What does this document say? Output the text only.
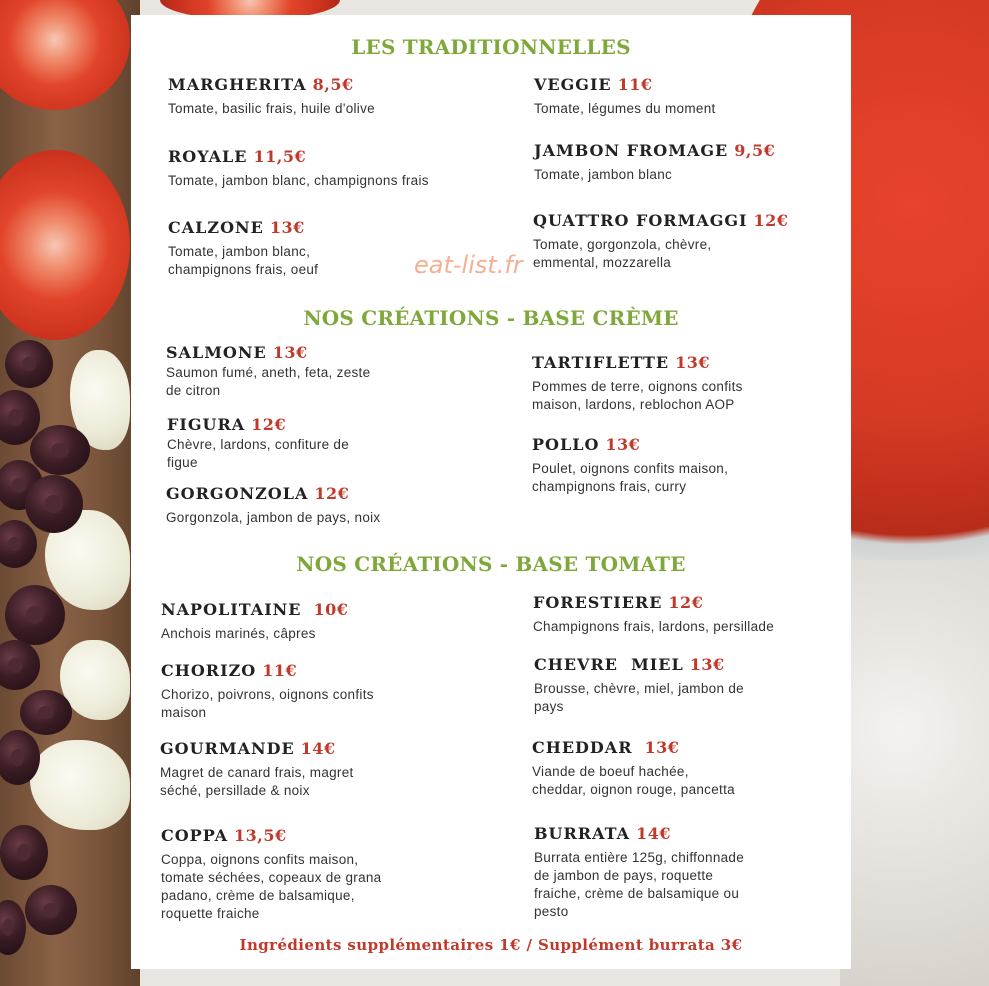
LES TRADITIONNELLES
MARGHERITA 8,5€
Tomate, basilic frais, huile d'olive
VEGGIE 11€
Tomate, légumes du moment
ROYALE 11,5€
Tomate, jambon blanc, champignons frais
JAMBON FROMAGE 9,5€
Tomate, jambon blanc
CALZONE 13€
Tomate, jambon blanc,
champignons frais, oeuf
QUATTRO FORMAGGI 12€
Tomate, gorgonzola, chèvre,
emmental, mozzarella
NOS CRÉATIONS - BASE CRÈME
SALMONE 13€
Saumon fumé, aneth, feta, zeste
de citron
TARTIFLETTE 13€
Pommes de terre, oignons confits
maison, lardons, reblochon AOP
FIGURA 12€
Chèvre, lardons, confiture de
figue
POLLO 13€
Poulet, oignons confits maison,
champignons frais, curry
GORGONZOLA 12€
Gorgonzola, jambon de pays, noix
NOS CRÉATIONS - BASE TOMATE
NAPOLITAINE 10€
Anchois marinés, câpres
FORESTIERE 12€
Champignons frais, lardons, persillade
CHORIZO 11€
Chorizo, poivrons, oignons confits
maison
CHEVRE  MIEL 13€
Brousse, chèvre, miel, jambon de
pays
GOURMANDE 14€
Magret de canard frais, magret
séché, persillade & noix
CHEDDAR 13€
Viande de boeuf hachée,
cheddar, oignon rouge, pancetta
COPPA 13,5€
Coppa, oignons confits maison,
tomate séchées, copeaux de grana
padano, crème de balsamique,
roquette fraiche
BURRATA 14€
Burrata entière 125g, chiffonnade
de jambon de pays, roquette
fraiche, crème de balsamique ou
pesto
Ingrédients supplémentaires 1€ / Supplément burrata 3€
eat-list.fr
